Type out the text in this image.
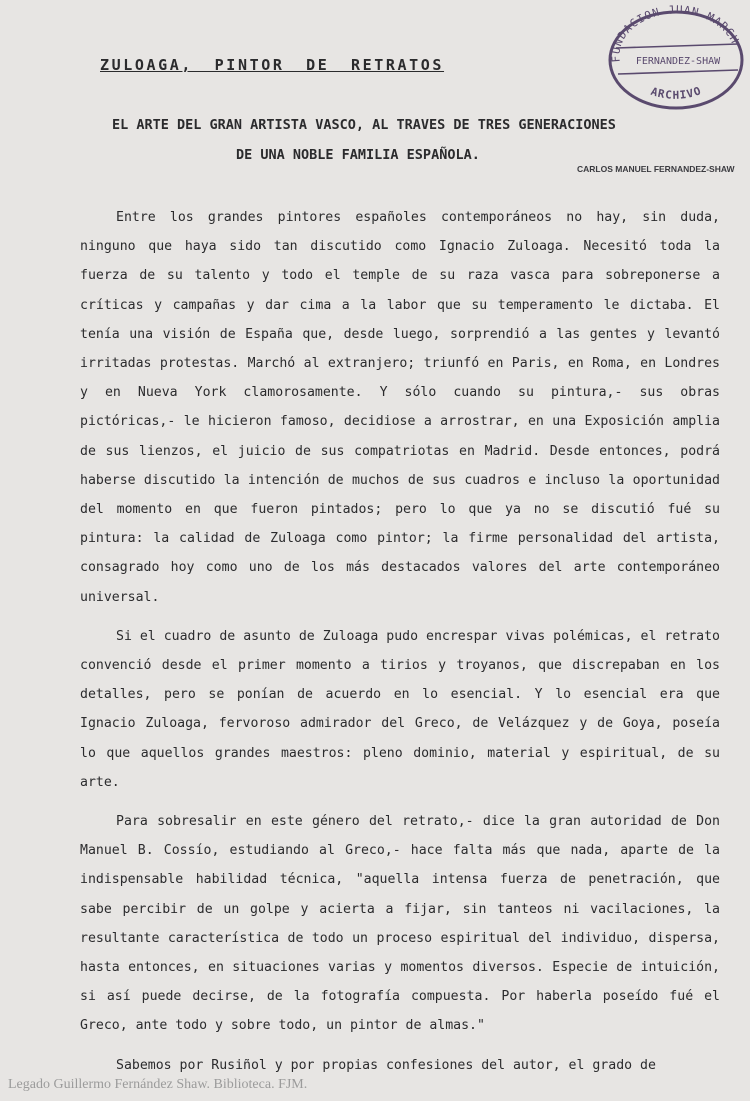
FUNDACION JUAN MARCH
FERNANDEZ-SHAW
ARCHIVO
ZULOAGA, PINTOR DE RETRATOS
EL ARTE DEL GRAN ARTISTA VASCO, AL TRAVES DE TRES GENERACIONES
DE UNA NOBLE FAMILIA ESPAÑOLA.
CARLOS MANUEL FERNANDEZ-SHAW

Entre los grandes pintores españoles contemporáneos no hay, sin duda, ninguno que haya sido tan discutido como Ignacio Zuloaga. Necesitó toda la fuerza de su talento y todo el temple de su raza vasca para sobreponerse a críticas y campañas y dar cima a la labor que su temperamento le dictaba. El tenía una visión de España que, desde luego, sorprendió a las gentes y levantó irritadas protestas. Marchó al extranjero; triunfó en Paris, en Roma, en Londres y en Nueva York clamorosamente. Y sólo cuando su pintura,- sus obras pictóricas,- le hicieron famoso, decidiose a arrostrar, en una Exposición amplia de sus lienzos, el juicio de sus compatriotas en Madrid. Desde entonces, podrá haberse discutido la intención de muchos de sus cuadros e incluso la oportunidad del momento en que fueron pintados; pero lo que ya no se discutió fué su pintura: la calidad de Zuloaga como pintor; la firme personalidad del artista, consagrado hoy como uno de los más destacados valores del arte contemporáneo universal.

Si el cuadro de asunto de Zuloaga pudo encrespar vivas polémicas, el retrato convenció desde el primer momento a tirios y troyanos, que discrepaban en los detalles, pero se ponían de acuerdo en lo esencial. Y lo esencial era que Ignacio Zuloaga, fervoroso admirador del Greco, de Velázquez y de Goya, poseía lo que aquellos grandes maestros: pleno dominio, material y espiritual, de su arte.

Para sobresalir en este género del retrato,- dice la gran autoridad de Don Manuel B. Cossío, estudiando al Greco,- hace falta más que nada, aparte de la indispensable habilidad técnica, "aquella intensa fuerza de penetración, que sabe percibir de un golpe y acierta a fijar, sin tanteos ni vacilaciones, la resultante característica de todo un proceso espiritual del individuo, dispersa, hasta entonces, en situaciones varias y momentos diversos. Especie de intuición, si así puede decirse, de la fotografía compuesta. Por haberla poseído fué el Greco, ante todo y sobre todo, un pintor de almas."

Sabemos por Rusiñol y por propias confesiones del autor, el grado de

Legado Guillermo Fernández Shaw. Biblioteca. FJM.
